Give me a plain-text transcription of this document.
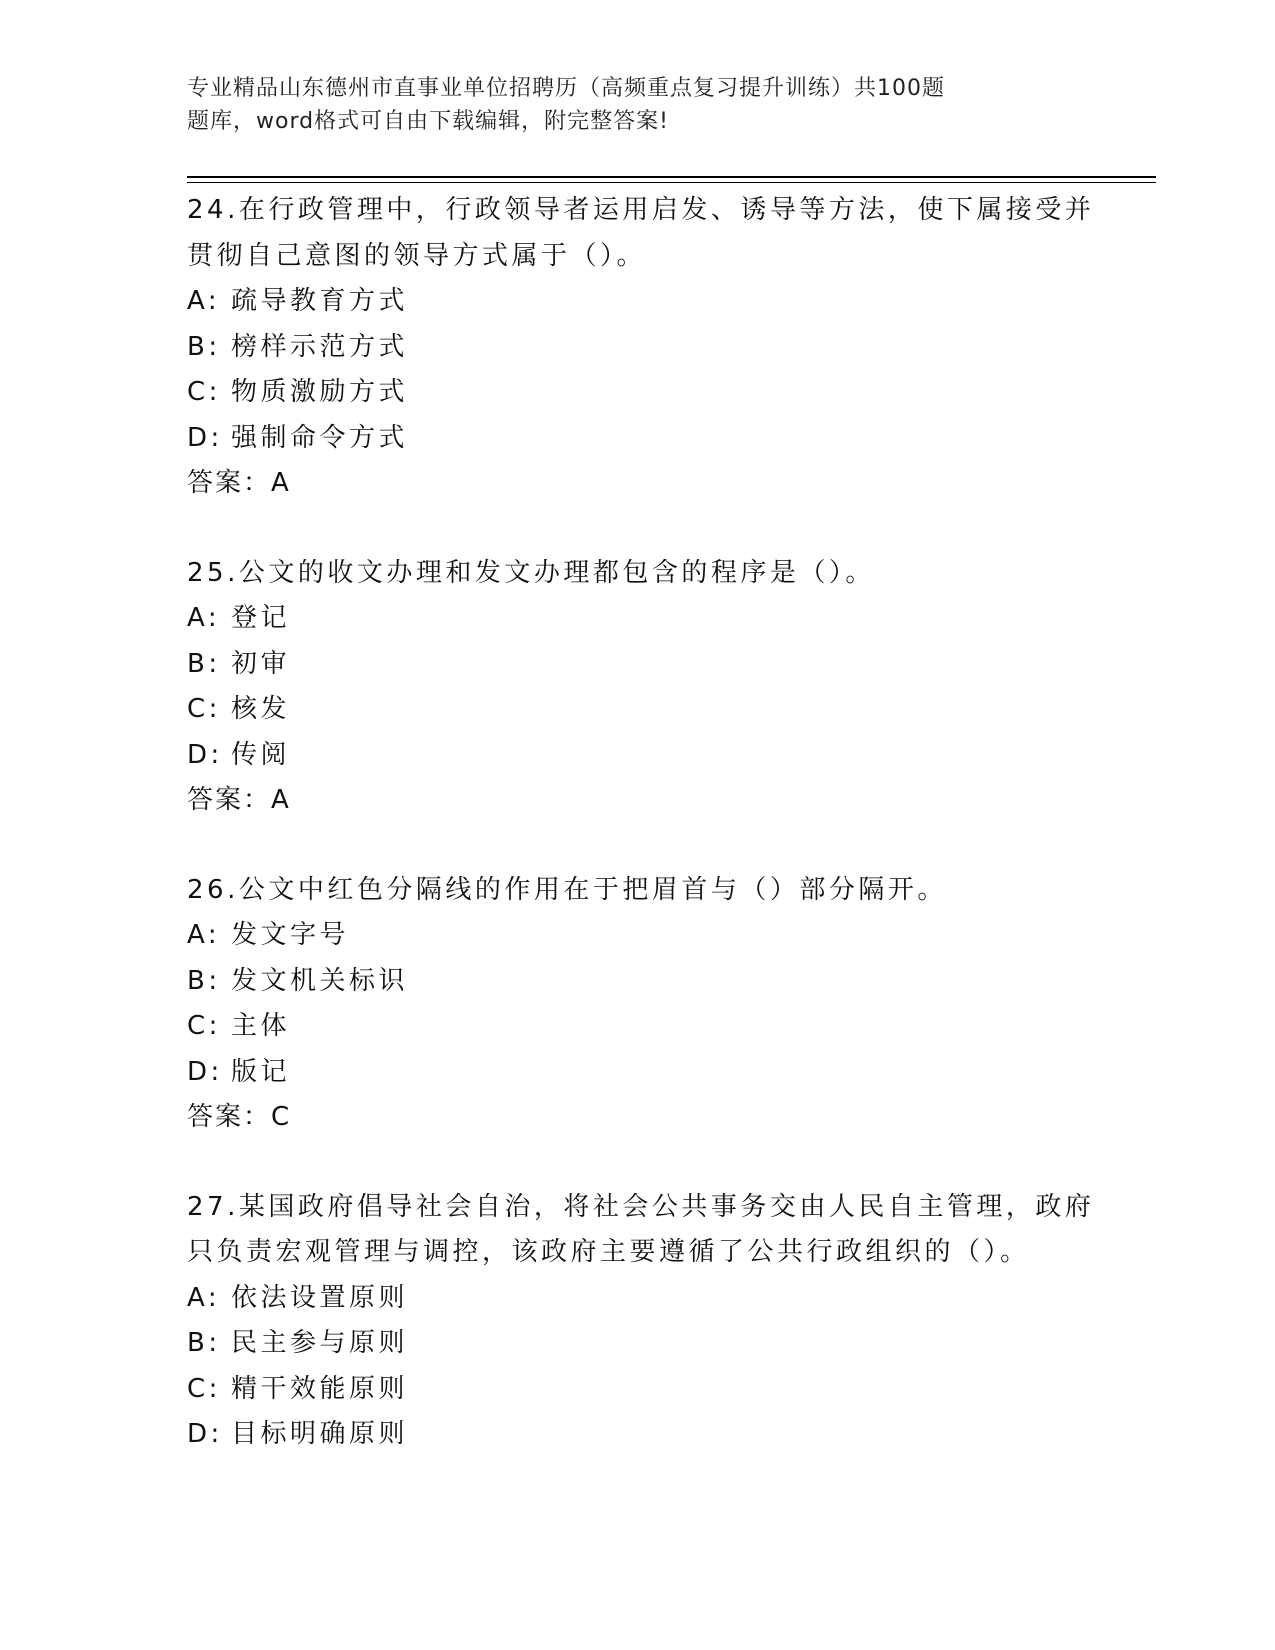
专业精品山东德州市直事业单位招聘历（高频重点复习提升训练）共100题
题库，word格式可自由下载编辑，附完整答案!

24.在行政管理中，行政领导者运用启发、诱导等方法，使下属接受并贯彻自己意图的领导方式属于（）。

A: 疏导教育方式

B: 榜样示范方式

C: 物质激励方式

D: 强制命令方式

答案：A

25.公文的收文办理和发文办理都包含的程序是（）。

A: 登记

B: 初审

C: 核发

D: 传阅

答案：A

26.公文中红色分隔线的作用在于把眉首与（）部分隔开。

A: 发文字号

B: 发文机关标识

C: 主体

D: 版记

答案：C

27.某国政府倡导社会自治，将社会公共事务交由人民自主管理，政府只负责宏观管理与调控，该政府主要遵循了公共行政组织的（）。

A: 依法设置原则

B: 民主参与原则

C: 精干效能原则

D: 目标明确原则
